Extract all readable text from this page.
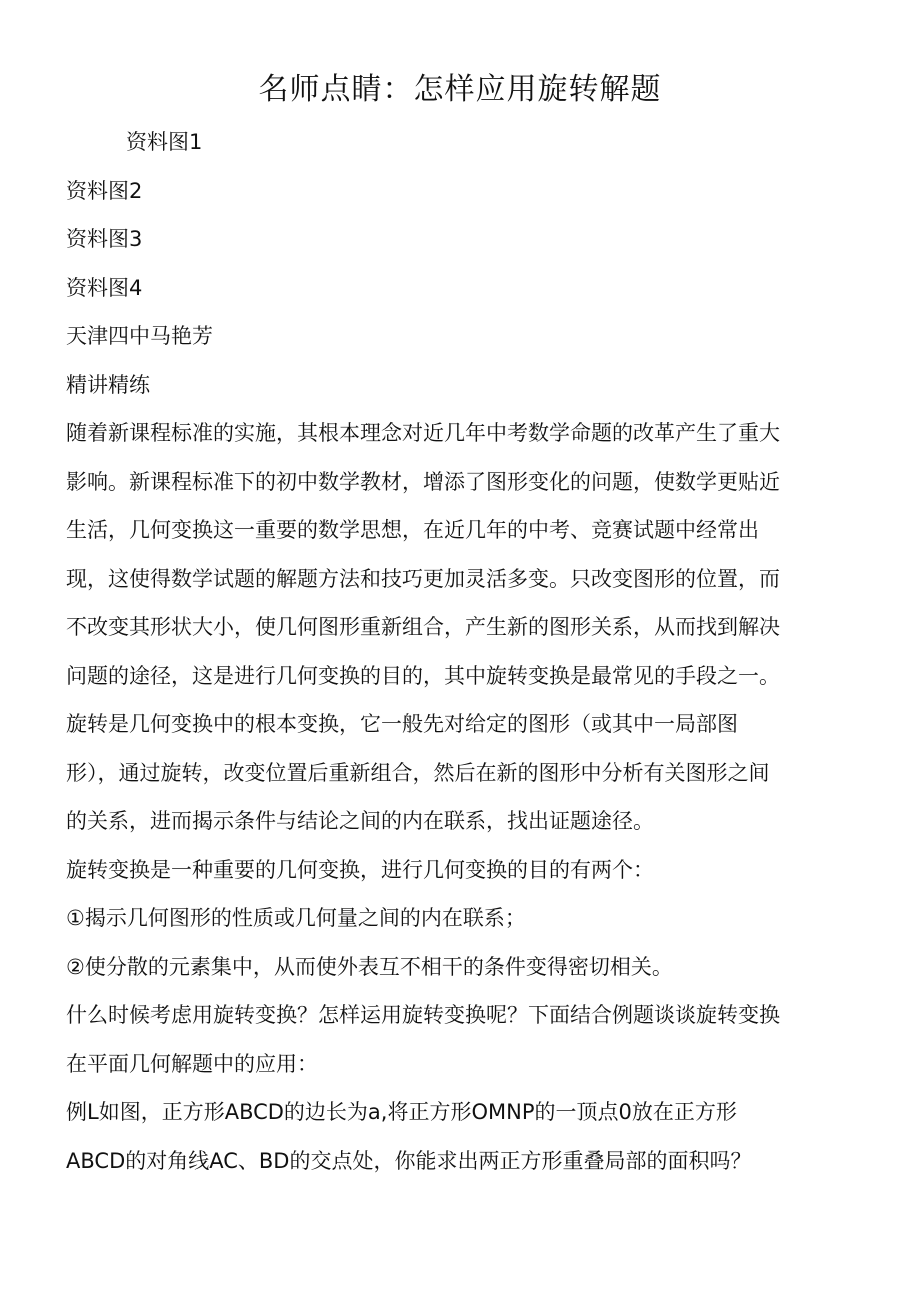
名师点睛：怎样应用旋转解题
资料图1
资料图2
资料图3
资料图4
天津四中马艳芳
精讲精练
随着新课程标准的实施，其根本理念对近几年中考数学命题的改革产生了重大
影响。新课程标准下的初中数学教材，增添了图形变化的问题，使数学更贴近
生活，几何变换这一重要的数学思想，在近几年的中考、竞赛试题中经常出
现，这使得数学试题的解题方法和技巧更加灵活多变。只改变图形的位置，而
不改变其形状大小，使几何图形重新组合，产生新的图形关系，从而找到解决
问题的途径，这是进行几何变换的目的，其中旋转变换是最常见的手段之一。
旋转是几何变换中的根本变换，它一般先对给定的图形（或其中一局部图
形），通过旋转，改变位置后重新组合，然后在新的图形中分析有关图形之间
的关系，进而揭示条件与结论之间的内在联系，找出证题途径。
旋转变换是一种重要的几何变换，进行几何变换的目的有两个：
①揭示几何图形的性质或几何量之间的内在联系；
②使分散的元素集中，从而使外表互不相干的条件变得密切相关。
什么时候考虑用旋转变换？怎样运用旋转变换呢？下面结合例题谈谈旋转变换
在平面几何解题中的应用：
例L如图，正方形ABCD的边长为a,将正方形OMNP的一顶点0放在正方形
ABCD的对角线AC、BD的交点处，你能求出两正方形重叠局部的面积吗？
